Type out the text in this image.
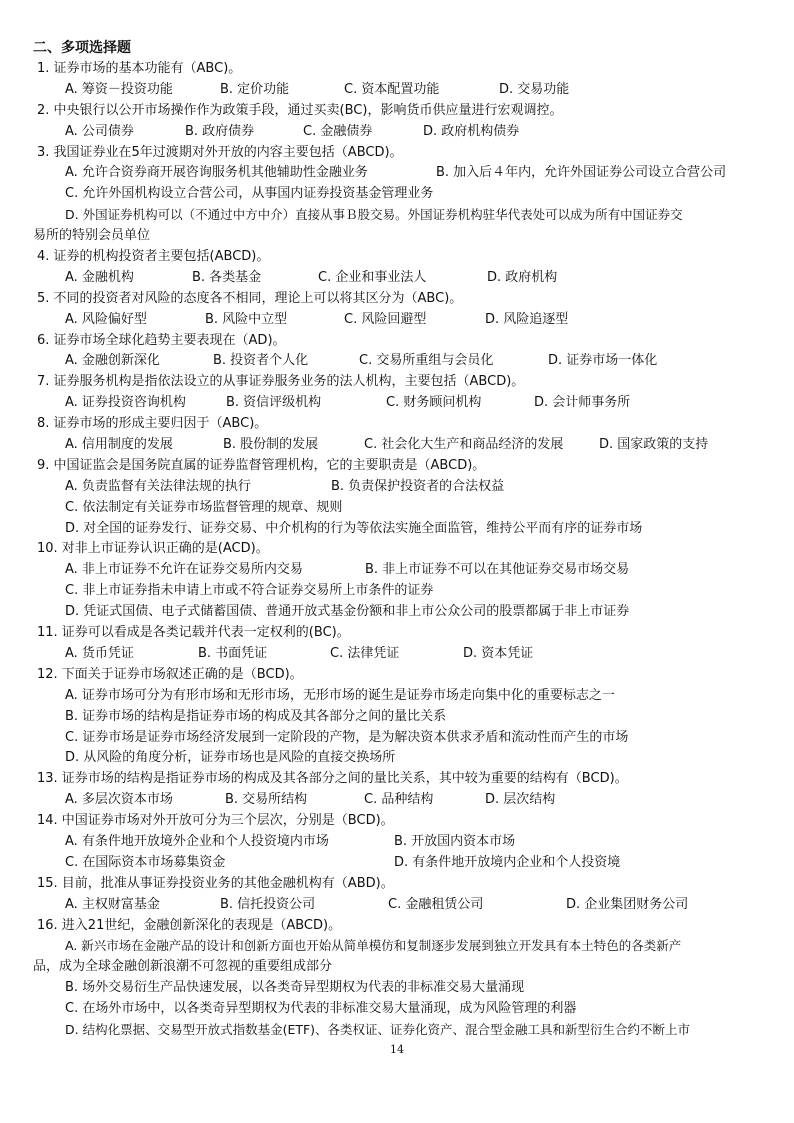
二、多项选择题
1. 证券市场的基本功能有（ABC)。
A. 筹资－投资功能	B. 定价功能	C. 资本配置功能	D. 交易功能
2. 中央银行以公开市场操作作为政策手段，通过买卖(BC)，影响货币供应量进行宏观调控。
A. 公司债券	B. 政府债券	C. 金融债券	D. 政府机构债券
3. 我国证券业在5年过渡期对外开放的内容主要包括（ABCD)。
A. 允许合资券商开展咨询服务机其他辅助性金融业务	B. 加入后４年内，允许外国证券公司设立合营公司
C. 允许外国机构设立合营公司，从事国内证券投资基金管理业务
D. 外国证券机构可以（不通过中方中介）直接从事Ｂ股交易。外国证券机构驻华代表处可以成为所有中国证券交
易所的特别会员单位
4. 证券的机构投资者主要包括(ABCD)。
A. 金融机构	B. 各类基金	C. 企业和事业法人	D. 政府机构
5. 不同的投资者对风险的态度各不相同，理论上可以将其区分为（ABC)。
A. 风险偏好型	B. 风险中立型	C. 风险回避型	D. 风险追逐型
6. 证券市场全球化趋势主要表现在（AD)。
A. 金融创新深化	B. 投资者个人化	C. 交易所重组与会员化	D. 证券市场一体化
7. 证券服务机构是指依法设立的从事证券服务业务的法人机构，主要包括（ABCD)。
A. 证券投资咨询机构	B. 资信评级机构	C. 财务顾问机构	D. 会计师事务所
8. 证券市场的形成主要归因于（ABC)。
A. 信用制度的发展	B. 股份制的发展	C. 社会化大生产和商品经济的发展	D. 国家政策的支持
9. 中国证监会是国务院直属的证券监督管理机构，它的主要职责是（ABCD)。
A. 负责监督有关法律法规的执行	B. 负责保护投资者的合法权益
C. 依法制定有关证券市场监督管理的规章、规则
D. 对全国的证券发行、证券交易、中介机构的行为等依法实施全面监管，维持公平而有序的证券市场
10. 对非上市证券认识正确的是(ACD)。
A. 非上市证券不允许在证券交易所内交易	B. 非上市证券不可以在其他证券交易市场交易
C. 非上市证券指未申请上市或不符合证券交易所上市条件的证券
D. 凭证式国债、电子式储蓄国债、普通开放式基金份额和非上市公众公司的股票都属于非上市证券
11. 证券可以看成是各类记载并代表一定权利的(BC)。
A. 货币凭证	B. 书面凭证	C. 法律凭证	D. 资本凭证
12. 下面关于证券市场叙述正确的是（BCD)。
A. 证券市场可分为有形市场和无形市场，无形市场的诞生是证券市场走向集中化的重要标志之一
B. 证券市场的结构是指证券市场的构成及其各部分之间的量比关系
C. 证券市场是证券市场经济发展到一定阶段的产物，是为解决资本供求矛盾和流动性而产生的市场
D. 从风险的角度分析，证券市场也是风险的直接交换场所
13. 证券市场的结构是指证券市场的构成及其各部分之间的量比关系，其中较为重要的结构有（BCD)。
A. 多层次资本市场	B. 交易所结构	C. 品种结构	D. 层次结构
14. 中国证券市场对外开放可分为三个层次，分别是（BCD)。
A. 有条件地开放境外企业和个人投资境内市场	B. 开放国内资本市场
C. 在国际资本市场募集资金	D. 有条件地开放境内企业和个人投资境
15. 目前，批准从事证券投资业务的其他金融机构有（ABD)。
A. 主权财富基金	B. 信托投资公司	C. 金融租赁公司	D. 企业集团财务公司
16. 进入21世纪，金融创新深化的表现是（ABCD)。
A. 新兴市场在金融产品的设计和创新方面也开始从简单模仿和复制逐步发展到独立开发具有本土特色的各类新产
品，成为全球金融创新浪潮不可忽视的重要组成部分
B. 场外交易衍生产品快速发展，以各类奇异型期权为代表的非标准交易大量涌现
C. 在场外市场中，以各类奇异型期权为代表的非标准交易大量涌现，成为风险管理的利器
D. 结构化票据、交易型开放式指数基金(ETF)、各类权证、证券化资产、混合型金融工具和新型衍生合约不断上市
14
